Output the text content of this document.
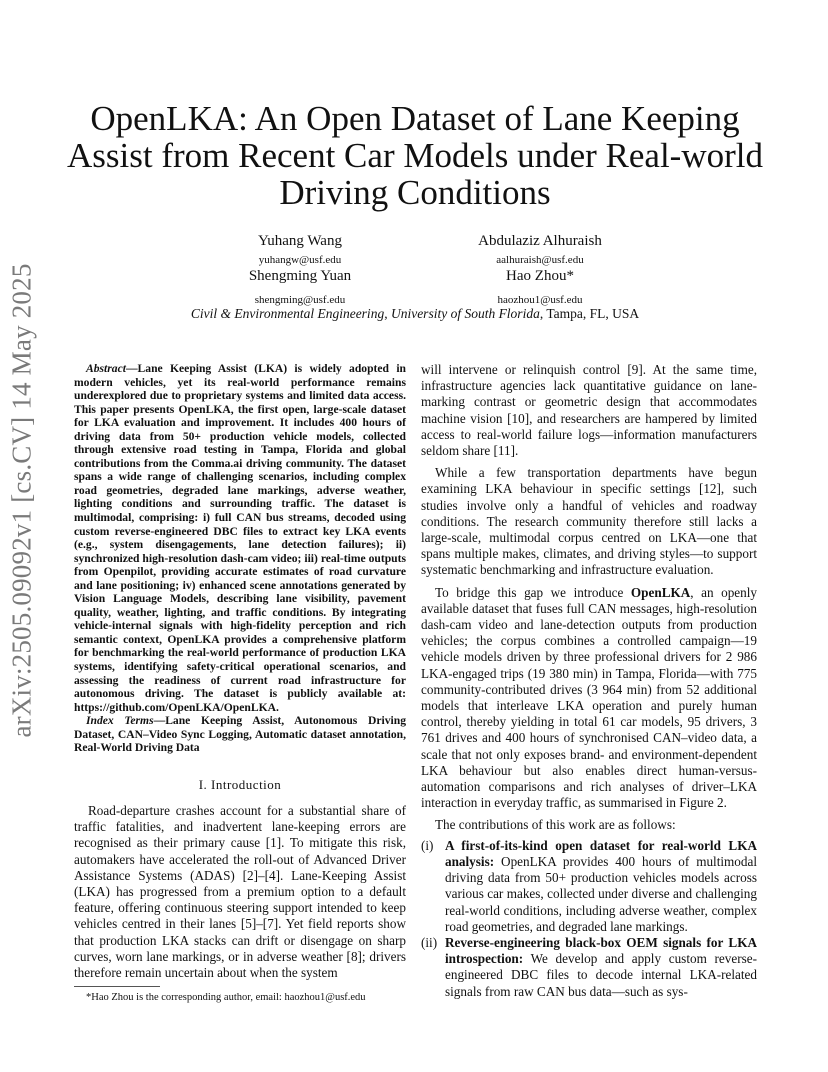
arXiv:2505.09092v1 [cs.CV] 14 May 2025
OpenLKA: An Open Dataset of Lane Keeping Assist from Recent Car Models under Real-world Driving Conditions
Yuhang Wang
yuhangw@usf.edu
Abdulaziz Alhuraish
aalhuraish@usf.edu
Shengming Yuan
shengming@usf.edu
Hao Zhou*
haozhou1@usf.edu
Civil & Environmental Engineering, University of South Florida, Tampa, FL, USA

Abstract—Lane Keeping Assist (LKA) is widely adopted in modern vehicles, yet its real-world performance remains underexplored due to proprietary systems and limited data access. This paper presents OpenLKA, the first open, large-scale dataset for LKA evaluation and improvement. It includes 400 hours of driving data from 50+ production vehicle models, collected through extensive road testing in Tampa, Florida and global contributions from the Comma.ai driving community. The dataset spans a wide range of challenging scenarios, including complex road geometries, degraded lane markings, adverse weather, lighting conditions and surrounding traffic. The dataset is multimodal, comprising: i) full CAN bus streams, decoded using custom reverse-engineered DBC files to extract key LKA events (e.g., system disengagements, lane detection failures); ii) synchronized high-resolution dash-cam video; iii) real-time outputs from Openpilot, providing accurate estimates of road curvature and lane positioning; iv) enhanced scene annotations generated by Vision Language Models, describing lane visibility, pavement quality, weather, lighting, and traffic conditions. By integrating vehicle-internal signals with high-fidelity perception and rich semantic context, OpenLKA provides a comprehensive platform for benchmarking the real-world performance of production LKA systems, identifying safety-critical operational scenarios, and assessing the readiness of current road infrastructure for autonomous driving. The dataset is publicly available at: https://github.com/OpenLKA/OpenLKA.

Index Terms—Lane Keeping Assist, Autonomous Driving Dataset, CAN–Video Sync Logging, Automatic dataset annotation, Real-World Driving Data

I. Introduction

Road-departure crashes account for a substantial share of traffic fatalities, and inadvertent lane-keeping errors are recognised as their primary cause [1]. To mitigate this risk, automakers have accelerated the roll-out of Advanced Driver Assistance Systems (ADAS) [2]–[4]. Lane-Keeping Assist (LKA) has progressed from a premium option to a default feature, offering continuous steering support intended to keep vehicles centred in their lanes [5]–[7]. Yet field reports show that production LKA stacks can drift or disengage on sharp curves, worn lane markings, or in adverse weather [8]; drivers therefore remain uncertain about when the system

*Hao Zhou is the corresponding author, email: haozhou1@usf.edu

will intervene or relinquish control [9]. At the same time, infrastructure agencies lack quantitative guidance on lane-marking contrast or geometric design that accommodates machine vision [10], and researchers are hampered by limited access to real-world failure logs—information manufacturers seldom share [11].

While a few transportation departments have begun examining LKA behaviour in specific settings [12], such studies involve only a handful of vehicles and roadway conditions. The research community therefore still lacks a large-scale, multimodal corpus centred on LKA—one that spans multiple makes, climates, and driving styles—to support systematic benchmarking and infrastructure evaluation.

To bridge this gap we introduce OpenLKA, an openly available dataset that fuses full CAN messages, high-resolution dash-cam video and lane-detection outputs from production vehicles; the corpus combines a controlled campaign—19 vehicle models driven by three professional drivers for 2 986 LKA-engaged trips (19 380 min) in Tampa, Florida—with 775 community-contributed drives (3 964 min) from 52 additional models that interleave LKA operation and purely human control, thereby yielding in total 61 car models, 95 drivers, 3 761 drives and 400 hours of synchronised CAN–video data, a scale that not only exposes brand- and environment-dependent LKA behaviour but also enables direct human-versus-automation comparisons and rich analyses of driver–LKA interaction in everyday traffic, as summarised in Figure 2.

The contributions of this work are as follows:

(i) A first-of-its-kind open dataset for real-world LKA analysis: OpenLKA provides 400 hours of multimodal driving data from 50+ production vehicles models across various car makes, collected under diverse and challenging real-world conditions, including adverse weather, complex road geometries, and degraded lane markings.
(ii) Reverse-engineering black-box OEM signals for LKA introspection: We develop and apply custom reverse-engineered DBC files to decode internal LKA-related signals from raw CAN bus data—such as sys-
